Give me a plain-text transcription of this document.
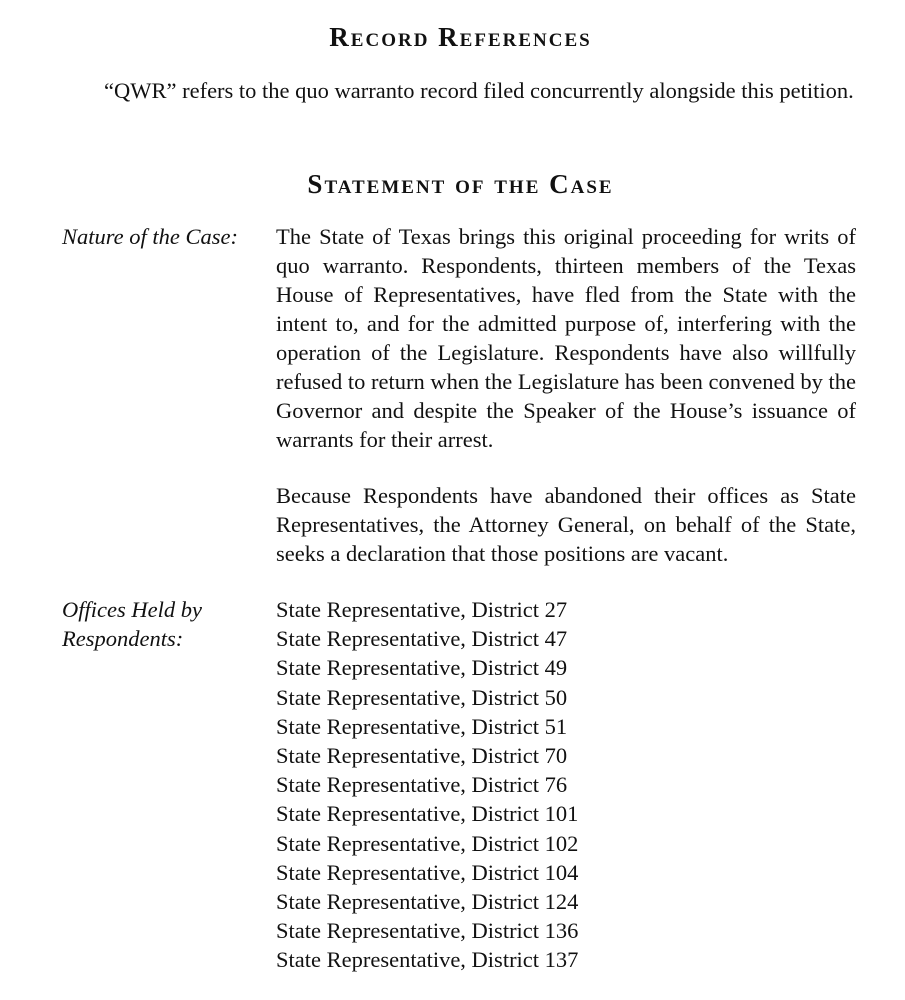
Record References

“QWR” refers to the quo warranto record filed concurrently alongside this petition.

Statement of the Case
Nature of the Case: The State of Texas brings this original proceeding for writs of quo warranto. Respondents, thirteen members of the Texas House of Representatives, have fled from the State with the intent to, and for the admitted purpose of, interfering with the operation of the Legislature. Respondents have also willfully refused to return when the Legislature has been convened by the Governor and despite the Speaker of the House’s issuance of warrants for their arrest.

Because Respondents have abandoned their offices as State Representatives, the Attorney General, on behalf of the State, seeks a declaration that those positions are vacant.

Offices Held by Respondents:
State Representative, District 27
State Representative, District 47
State Representative, District 49
State Representative, District 50
State Representative, District 51
State Representative, District 70
State Representative, District 76
State Representative, District 101
State Representative, District 102
State Representative, District 104
State Representative, District 124
State Representative, District 136
State Representative, District 137
